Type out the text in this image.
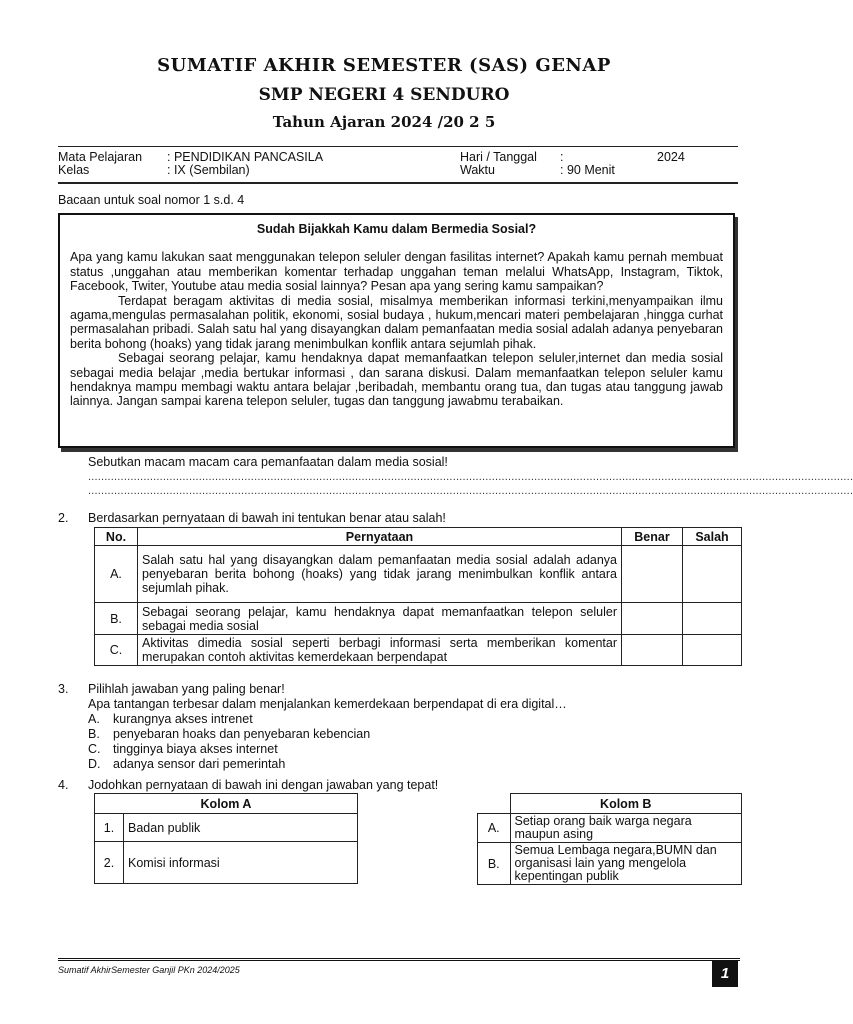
SUMATIF AKHIR SEMESTER (SAS) GENAP
SMP NEGERI 4 SENDURO
Tahun Ajaran 2024 /20 2 5
Mata Pelajaran : PENDIDIKAN PANCASILA
Kelas	: IX (Sembilan)
Hari / Tanggal :	2024
Waktu	: 90 Menit
Bacaan untuk soal nomor 1 s.d. 4
Sudah Bijakkah Kamu dalam Bermedia Sosial?

Apa yang kamu lakukan saat menggunakan telepon seluler dengan fasilitas internet? Apakah kamu pernah membuat status ,unggahan atau memberikan komentar terhadap unggahan teman melalui WhatsApp, Instagram, Tiktok, Facebook, Twiter, Youtube atau media sosial lainnya? Pesan apa yang sering kamu sampaikan?

Terdapat beragam aktivitas di media sosial, misalmya memberikan informasi terkini,menyampaikan ilmu agama,mengulas permasalahan politik, ekonomi, sosial budaya , hukum,mencari materi pembelajaran ,hingga curhat permasalahan pribadi. Salah satu hal yang disayangkan dalam pemanfaatan media sosial adalah adanya penyebaran berita bohong (hoaks) yang tidak jarang menimbulkan konflik antara sejumlah pihak.

Sebagai seorang pelajar, kamu hendaknya dapat memanfaatkan telepon seluler,internet dan media sosial sebagai media belajar ,media bertukar informasi , dan sarana diskusi. Dalam memanfaatkan telepon seluler kamu hendaknya mampu membagi waktu antara belajar ,beribadah, membantu orang tua, dan tugas atau tanggung jawab lainnya. Jangan sampai karena telepon seluler, tugas dan tanggung jawabmu terabaikan.

Sebutkan macam macam cara pemanfaatan dalam media sosial!
...........................................................................................................................................................................................................................................
...........................................................................................................................................................................................................................................
2. Berdasarkan pernyataan di bawah ini tentukan benar atau salah!
No.	Pernyataan	Benar	Salah
A.	Salah satu hal yang disayangkan dalam pemanfaatan media sosial adalah adanya penyebaran berita bohong (hoaks) yang tidak jarang menimbulkan konflik antara sejumlah pihak.		
B.	Sebagai seorang pelajar, kamu hendaknya dapat memanfaatkan telepon seluler sebagai media sosial		
C.	Aktivitas dimedia sosial seperti berbagi informasi serta memberikan komentar merupakan contoh aktivitas kemerdekaan berpendapat		
3. Pilihlah jawaban yang paling benar!
Apa tantangan terbesar dalam menjalankan kemerdekaan berpendapat di era digital…
A. kurangnya akses intrenet
B. penyebaran hoaks dan penyebaran kebencian
C. tingginya biaya akses internet
D. adanya sensor dari pemerintah
4. Jodohkan pernyataan di bawah ini dengan jawaban yang tepat!
Kolom A	
1.	Badan publik
2.	Komisi informasi
	Kolom B
A.	Setiap orang baik warga negara maupun asing
B.	Semua Lembaga negara,BUMN dan organisasi lain yang mengelola kepentingan publik
Sumatif AkhirSemester Ganjil PKn 2024/2025	1
